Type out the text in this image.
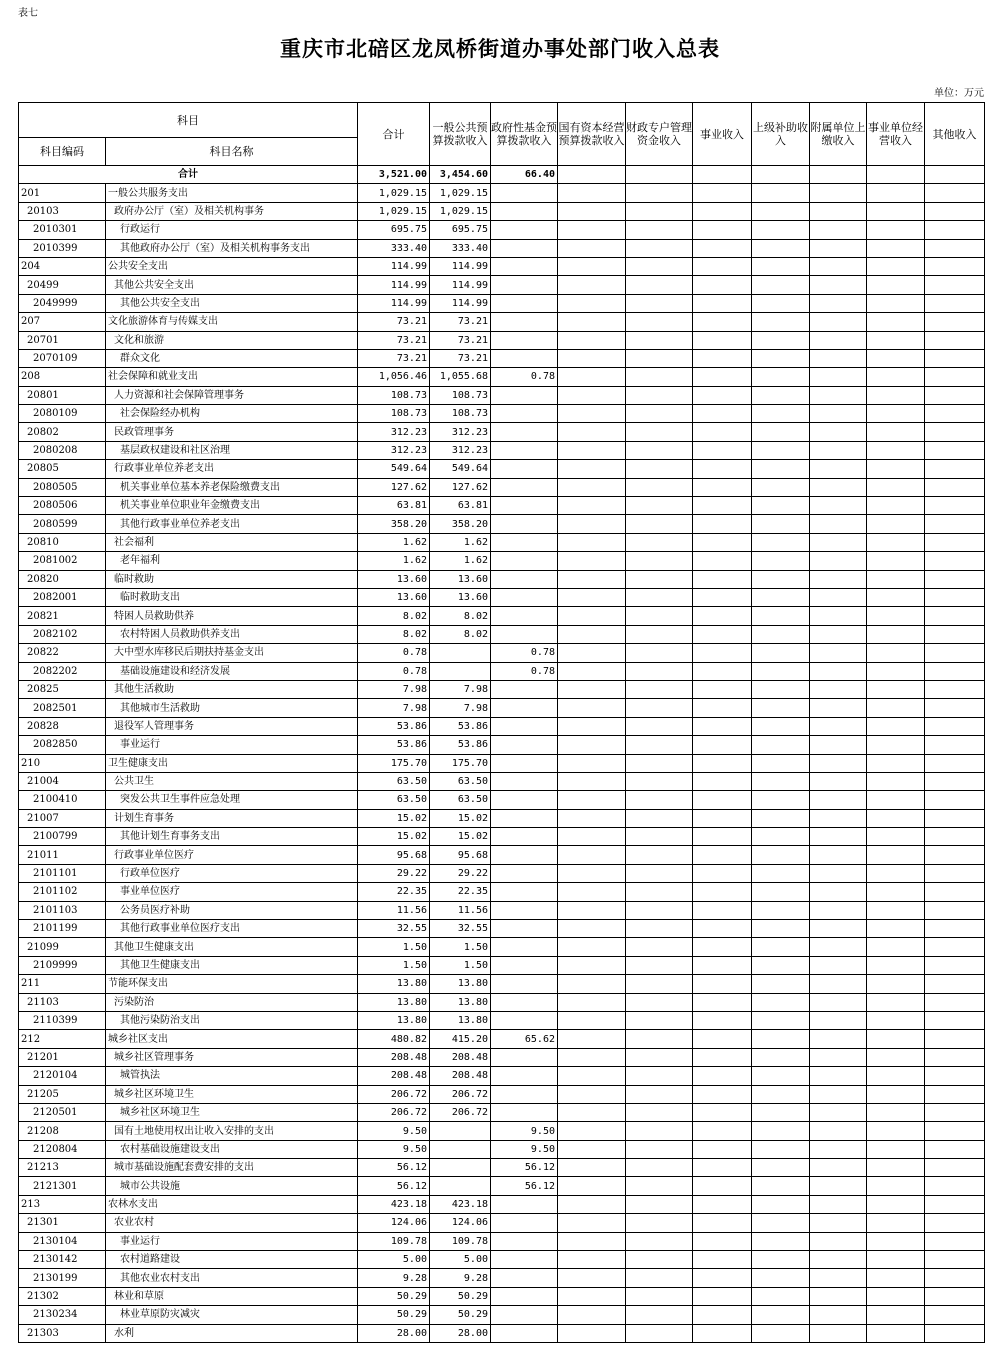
表七
重庆市北碚区龙凤桥街道办事处部门收入总表
单位：万元
科目		合计	一般公共预算拨款收入	政府性基金预算拨款收入	国有资本经营预算拨款收入	财政专户管理资金收入	事业收入	上级补助收入	附属单位上缴收入	事业单位经营收入	其他收入
科目编码	科目名称										
合计		3,521.00	3,454.60	66.40							
201	一般公共服务支出	1,029.15	1,029.15								
20103	政府办公厅（室）及相关机构事务	1,029.15	1,029.15								
2010301	行政运行	695.75	695.75								
2010399	其他政府办公厅（室）及相关机构事务支出	333.40	333.40								
204	公共安全支出	114.99	114.99								
20499	其他公共安全支出	114.99	114.99								
2049999	其他公共安全支出	114.99	114.99								
207	文化旅游体育与传媒支出	73.21	73.21								
20701	文化和旅游	73.21	73.21								
2070109	群众文化	73.21	73.21								
208	社会保障和就业支出	1,056.46	1,055.68	0.78							
20801	人力资源和社会保障管理事务	108.73	108.73								
2080109	社会保险经办机构	108.73	108.73								
20802	民政管理事务	312.23	312.23								
2080208	基层政权建设和社区治理	312.23	312.23								
20805	行政事业单位养老支出	549.64	549.64								
2080505	机关事业单位基本养老保险缴费支出	127.62	127.62								
2080506	机关事业单位职业年金缴费支出	63.81	63.81								
2080599	其他行政事业单位养老支出	358.20	358.20								
20810	社会福利	1.62	1.62								
2081002	老年福利	1.62	1.62								
20820	临时救助	13.60	13.60								
2082001	临时救助支出	13.60	13.60								
20821	特困人员救助供养	8.02	8.02								
2082102	农村特困人员救助供养支出	8.02	8.02								
20822	大中型水库移民后期扶持基金支出	0.78		0.78							
2082202	基础设施建设和经济发展	0.78		0.78							
20825	其他生活救助	7.98	7.98								
2082501	其他城市生活救助	7.98	7.98								
20828	退役军人管理事务	53.86	53.86								
2082850	事业运行	53.86	53.86								
210	卫生健康支出	175.70	175.70								
21004	公共卫生	63.50	63.50								
2100410	突发公共卫生事件应急处理	63.50	63.50								
21007	计划生育事务	15.02	15.02								
2100799	其他计划生育事务支出	15.02	15.02								
21011	行政事业单位医疗	95.68	95.68								
2101101	行政单位医疗	29.22	29.22								
2101102	事业单位医疗	22.35	22.35								
2101103	公务员医疗补助	11.56	11.56								
2101199	其他行政事业单位医疗支出	32.55	32.55								
21099	其他卫生健康支出	1.50	1.50								
2109999	其他卫生健康支出	1.50	1.50								
211	节能环保支出	13.80	13.80								
21103	污染防治	13.80	13.80								
2110399	其他污染防治支出	13.80	13.80								
212	城乡社区支出	480.82	415.20	65.62							
21201	城乡社区管理事务	208.48	208.48								
2120104	城管执法	208.48	208.48								
21205	城乡社区环境卫生	206.72	206.72								
2120501	城乡社区环境卫生	206.72	206.72								
21208	国有土地使用权出让收入安排的支出	9.50		9.50							
2120804	农村基础设施建设支出	9.50		9.50							
21213	城市基础设施配套费安排的支出	56.12		56.12							
2121301	城市公共设施	56.12		56.12							
213	农林水支出	423.18	423.18								
21301	农业农村	124.06	124.06								
2130104	事业运行	109.78	109.78								
2130142	农村道路建设	5.00	5.00								
2130199	其他农业农村支出	9.28	9.28								
21302	林业和草原	50.29	50.29								
2130234	林业草原防灾减灾	50.29	50.29								
21303	水利	28.00	28.00								
